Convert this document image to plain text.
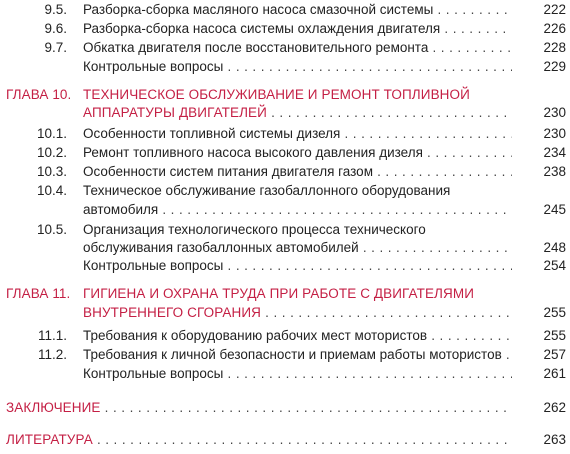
9.5. Разборка-сборка масляного насоса смазочной системы . . .	222
9.6. Разборка-сборка насоса системы охлаждения двигателя . . .	226
9.7. Обкатка двигателя после восстановительного ремонта . . .	228
Контрольные вопросы . . .	229
ГЛАВА 10. ТЕХНИЧЕСКОЕ ОБСЛУЖИВАНИЕ И РЕМОНТ ТОПЛИВНОЙ
АППАРАТУРЫ ДВИГАТЕЛЕЙ . . .	230
10.1. Особенности топливной системы дизеля . . .	230
10.2. Ремонт топливного насоса высокого давления дизеля . . .	234
10.3. Особенности систем питания двигателя газом . . .	238
10.4. Техническое обслуживание газобаллонного оборудования
автомобиля . . .	245
10.5. Организация технологического процесса технического
обслуживания газобаллонных автомобилей . . .	248
Контрольные вопросы . . .	254
ГЛАВА 11. ГИГИЕНА И ОХРАНА ТРУДА ПРИ РАБОТЕ С ДВИГАТЕЛЯМИ
ВНУТРЕННЕГО СГОРАНИЯ . . .	255
11.1. Требования к оборудованию рабочих мест мотористов . . .	255
11.2. Требования к личной безопасности и приемам работы мотористов . . .	257
Контрольные вопросы . . .	261
ЗАКЛЮЧЕНИЕ . . .	262
ЛИТЕРАТУРА . . .	263
